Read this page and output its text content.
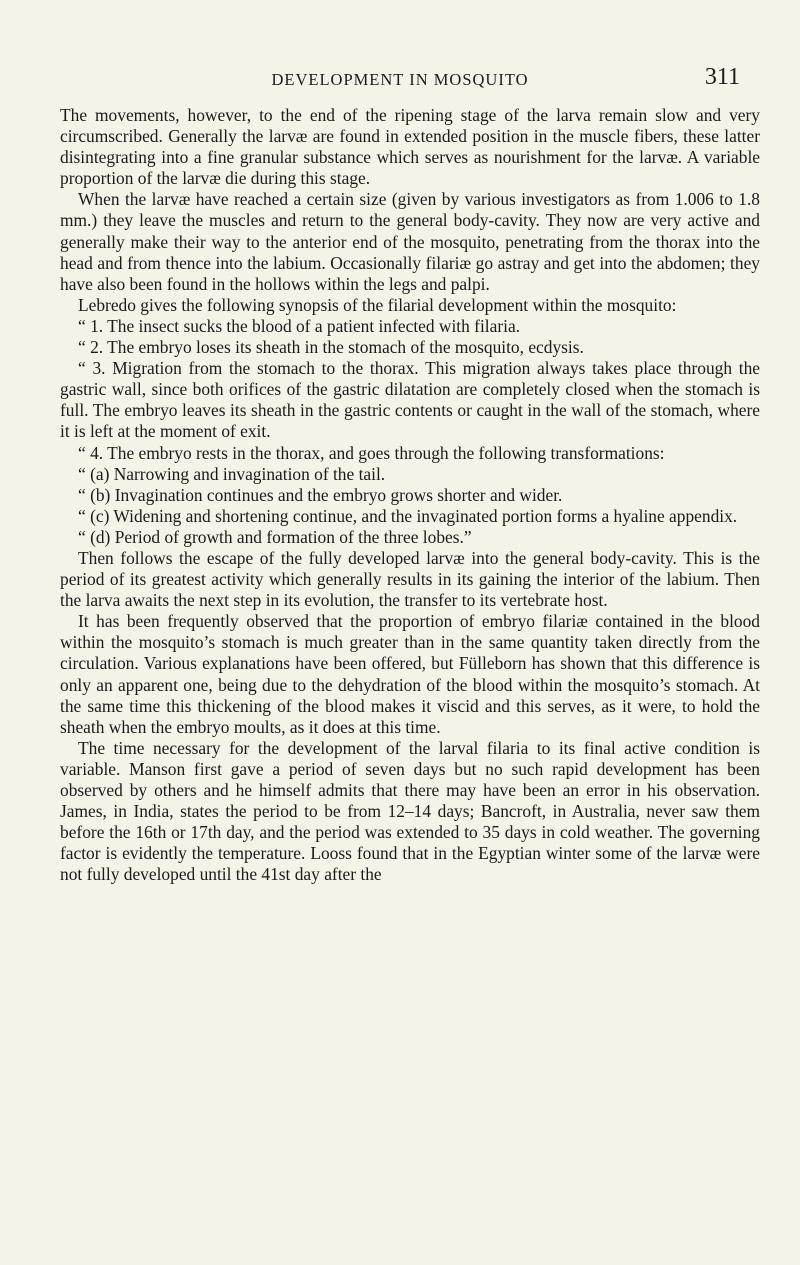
DEVELOPMENT IN MOSQUITO	311

The movements, however, to the end of the ripening stage of the larva remain slow and very circumscribed. Generally the larvæ are found in extended position in the muscle fibers, these latter disintegrating into a fine granular substance which serves as nourishment for the larvæ. A variable proportion of the larvæ die during this stage.

When the larvæ have reached a certain size (given by various investigators as from 1.006 to 1.8 mm.) they leave the muscles and return to the general body-cavity. They now are very active and generally make their way to the anterior end of the mosquito, penetrating from the thorax into the head and from thence into the labium. Occasionally filariæ go astray and get into the abdomen; they have also been found in the hollows within the legs and palpi.

Lebredo gives the following synopsis of the filarial development within the mosquito:

“ 1. The insect sucks the blood of a patient infected with filaria.

“ 2. The embryo loses its sheath in the stomach of the mosquito, ecdysis.

“ 3. Migration from the stomach to the thorax. This migration always takes place through the gastric wall, since both orifices of the gastric dilatation are completely closed when the stomach is full. The embryo leaves its sheath in the gastric contents or caught in the wall of the stomach, where it is left at the moment of exit.

“ 4. The embryo rests in the thorax, and goes through the following transformations:

“ (a) Narrowing and invagination of the tail.

“ (b) Invagination continues and the embryo grows shorter and wider.

“ (c) Widening and shortening continue, and the invaginated portion forms a hyaline appendix.

“ (d) Period of growth and formation of the three lobes.”

Then follows the escape of the fully developed larvæ into the general body-cavity. This is the period of its greatest activity which generally results in its gaining the interior of the labium. Then the larva awaits the next step in its evolution, the transfer to its vertebrate host.

It has been frequently observed that the proportion of embryo filariæ contained in the blood within the mosquito’s stomach is much greater than in the same quantity taken directly from the circulation. Various explanations have been offered, but Fülleborn has shown that this difference is only an apparent one, being due to the dehydration of the blood within the mosquito’s stomach. At the same time this thickening of the blood makes it viscid and this serves, as it were, to hold the sheath when the embryo moults, as it does at this time.

The time necessary for the development of the larval filaria to its final active condition is variable. Manson first gave a period of seven days but no such rapid development has been observed by others and he himself admits that there may have been an error in his observation. James, in India, states the period to be from 12–14 days; Bancroft, in Australia, never saw them before the 16th or 17th day, and the period was extended to 35 days in cold weather. The governing factor is evidently the temperature. Looss found that in the Egyptian winter some of the larvæ were not fully developed until the 41st day after the
